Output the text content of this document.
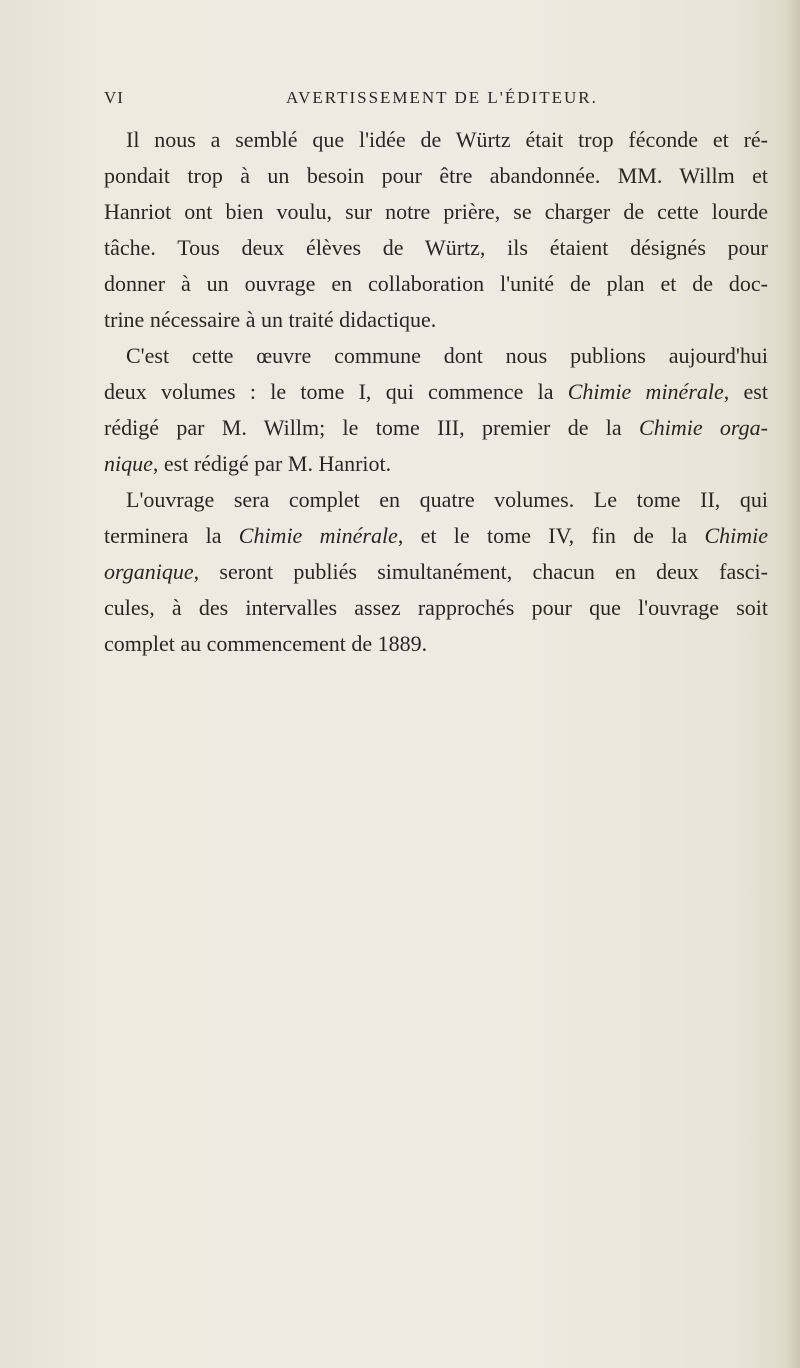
VI	AVERTISSEMENT DE L'ÉDITEUR.
Il nous a semblé que l'idée de Würtz était trop féconde et ré-
pondait trop à un besoin pour être abandonnée. MM. Willm et
Hanriot ont bien voulu, sur notre prière, se charger de cette lourde
tâche. Tous deux élèves de Würtz, ils étaient désignés pour
donner à un ouvrage en collaboration l'unité de plan et de doc-
trine nécessaire à un traité didactique.
C'est cette œuvre commune dont nous publions aujourd'hui
deux volumes : le tome I, qui commence la Chimie minérale, est
rédigé par M. Willm; le tome III, premier de la Chimie orga-
nique, est rédigé par M. Hanriot.
L'ouvrage sera complet en quatre volumes. Le tome II, qui
terminera la Chimie minérale, et le tome IV, fin de la Chimie
organique, seront publiés simultanément, chacun en deux fasci-
cules, à des intervalles assez rapprochés pour que l'ouvrage soit
complet au commencement de 1889.
